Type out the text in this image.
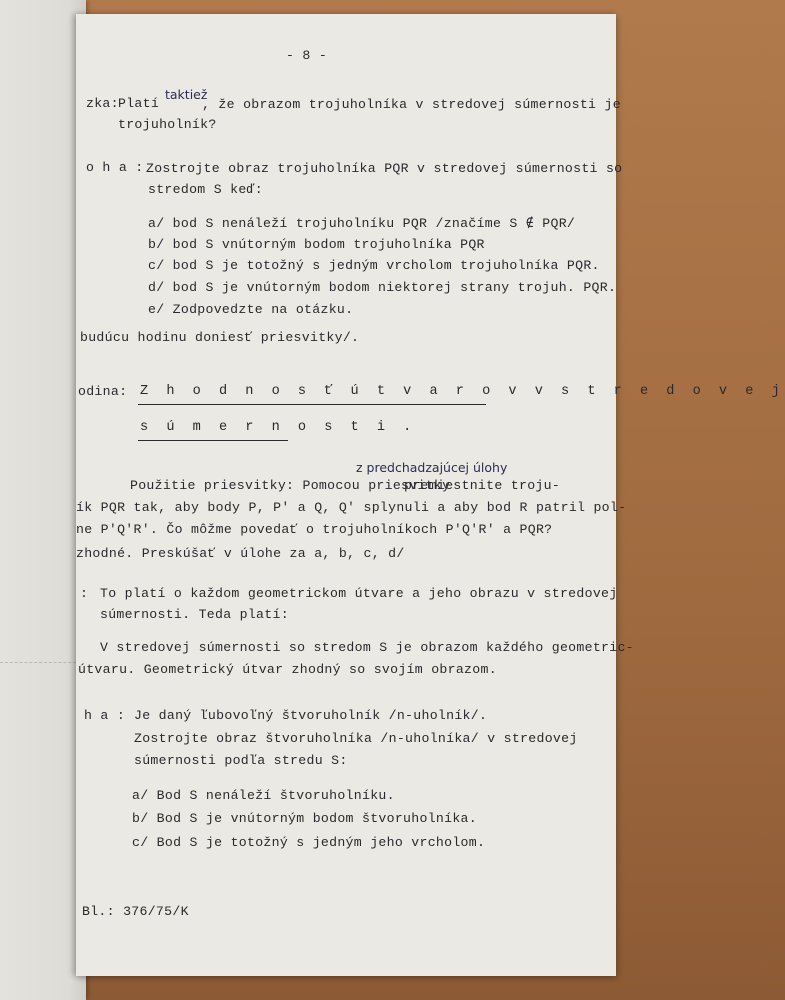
- 8 -
zka: Platí
taktiež
, že obrazom trojuholníka v stredovej súmernosti je
trojuholník?
o h a : Zostrojte obraz trojuholníka PQR v stredovej súmernosti so
stredom S keď:
a/ bod S nenáleží trojuholníku PQR /značíme S ∉ PQR/
b/ bod S vnútorným bodom trojuholníka PQR
c/ bod S je totožný s jedným vrcholom trojuholníka PQR.
d/ bod S je vnútorným bodom niektorej strany trojuh. PQR.
e/ Zodpovedzte na otázku.
budúcu hodinu doniesť priesvitky/.
odina: Z h o d n o s ť ú t v a r o v v s t r e d o v e j
s ú m e r n o s t i .
z predchadzajúcej úlohy
Použitie priesvitky: Pomocou priesvitky
premiestnite troju-
ík PQR tak, aby body P, P' a Q, Q' splynuli a aby bod R patril pol-
ne P'Q'R'. Čo môžme povedať o trojuholníkoch P'Q'R' a PQR?
zhodné. Preskúšať v úlohe za a, b, c, d/
: To platí o každom geometrickom útvare a jeho obrazu v stredovej
súmernosti. Teda platí:
V stredovej súmernosti so stredom S je obrazom každého geometric-
útvaru. Geometrický útvar zhodný so svojím obrazom.
h a : Je daný ľubovoľný štvoruholník /n-uholník/.
Zostrojte obraz štvoruholníka /n-uholníka/ v stredovej
súmernosti podľa stredu S:
a/ Bod S nenáleží štvoruholníku.
b/ Bod S je vnútorným bodom štvoruholníka.
c/ Bod S je totožný s jedným jeho vrcholom.
Bl.: 376/75/K
